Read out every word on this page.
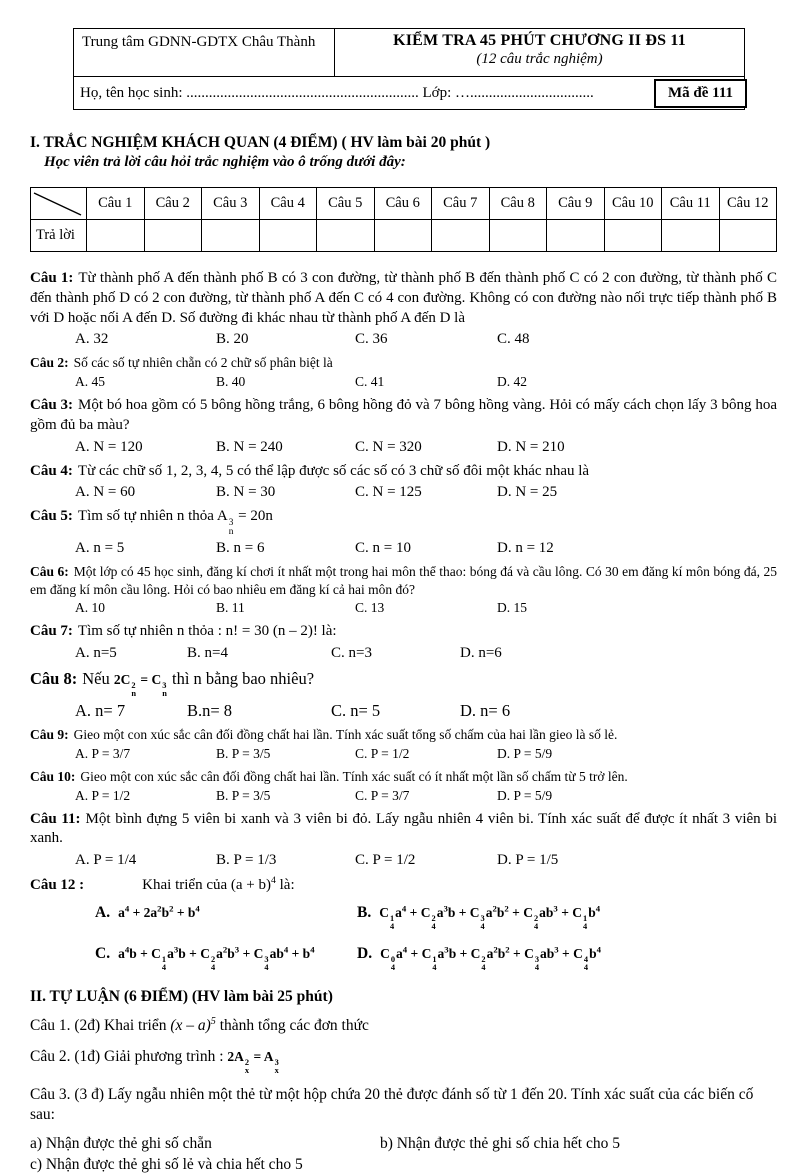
Trung tâm GDNN-GDTX Châu Thành	KIỂM TRA 45 PHÚT CHƯƠNG II ĐS 11
(12 câu trắc nghiệm)
Họ, tên học sinh: .............................................................. Lớp: ….................................	Mã đề 111
I. TRẮC NGHIỆM KHÁCH QUAN (4 ĐIỂM) ( HV làm bài 20 phút )
Học viên trả lời câu hỏi trắc nghiệm vào ô trống dưới đây:
	Câu 1	Câu 2	Câu 3	Câu 4	Câu 5	Câu 6	Câu 7	Câu 8	Câu 9	Câu 10	Câu 11	Câu 12
Trả lời												

Câu 1: Từ thành phố A đến thành phố B có 3 con đường, từ thành phố B đến thành phố C có 2 con đường, từ thành phố C đến thành phố D có 2 con đường, từ thành phố A đến C có 4 con đường. Không có con đường nào nối trực tiếp thành phố B với D hoặc nối A đến D. Số đường đi khác nhau từ thành phố A đến D là

A. 32	B. 20	C. 36	C. 48

Câu 2: Số các số tự nhiên chẵn có 2 chữ số phân biệt là

A. 45	B. 40	C. 41	D. 42

Câu 3: Một bó hoa gồm có 5 bông hồng trắng, 6 bông hồng đỏ và 7 bông hồng vàng. Hỏi có mấy cách chọn lấy 3 bông hoa gồm đủ ba màu?

A. N = 120	B. N = 240	C. N = 320	D. N = 210

Câu 4: Từ các chữ số 1, 2, 3, 4, 5 có thể lập được số các số có 3 chữ số đôi một khác nhau là

A. N = 60	B. N = 30	C. N = 125	D. N = 25

Câu 5: Tìm số tự nhiên n thỏa A 3
n
= 20n

A. n = 5	B. n = 6	C. n = 10	D. n = 12

Câu 6: Một lớp có 45 học sinh, đăng kí chơi ít nhất một trong hai môn thể thao: bóng đá và cầu lông. Có 30 em đăng kí môn bóng đá, 25 em đăng kí môn cầu lông. Hỏi có bao nhiêu em đăng kí cả hai môn đó?

A. 10	B. 11	C. 13	D. 15

Câu 7: Tìm số tự nhiên n thỏa : n! = 30 (n – 2)! là:

A. n=5	B. n=4	C. n=3	D. n=6

Câu 8: Nếu 2C 2
n
= C 3
n
thì n bằng bao nhiêu?

A. n= 7	B.n= 8	C. n= 5	D. n= 6

Câu 9: Gieo một con xúc sắc cân đối đồng chất hai lần. Tính xác suất tổng số chấm của hai lần gieo là số lẻ.

A. P = 3/7	B. P = 3/5	C. P = 1/2	D. P = 5/9

Câu 10: Gieo một con xúc sắc cân đối đồng chất hai lần. Tính xác suất có ít nhất một lần số chấm từ 5 trở lên.

A. P = 1/2	B. P = 3/5	C. P = 3/7	D. P = 5/9

Câu 11: Một bình đựng 5 viên bi xanh và 3 viên bi đỏ. Lấy ngẫu nhiên 4 viên bi. Tính xác suất để được ít nhất 3 viên bi xanh.

A. P = 1/4	B. P = 1/3	C. P = 1/2	D. P = 1/5

Câu 12 :	Khai triển của $(a + b)^4$ là:

A. $a^4 + 2a^2b^2 + b^4$	B. C 1
4
$a^4 + C$ 2
4
$a^3b + C$ 3
4
$a^2b^2 + C$ 2
4
$ab^3 + C$ 1
4
$b^4$
C. $a^4b + C$ 1
4
$a^3b + C$ 2
4
$a^2b^3 + C$ 3
4
$ab^4 + b^4$	D. C 0
4
$a^4 + C$ 1
4
$a^3b + C$ 2
4
$a^2b^2 + C$ 3
4
$ab^3 + C$ 4
4
$b^4$
II. TỰ LUẬN (6 ĐIỂM) (HV làm bài 25 phút)

Câu 1. (2đ) Khai triển (x – a)$^5$ thành tổng các đơn thức

Câu 2. (1đ) Giải phương trình : 2A 2
x
= A 3
x

Câu 3. (3 đ) Lấy ngẫu nhiên một thẻ từ một hộp chứa 20 thẻ được đánh số từ 1 đến 20. Tính xác suất của các biến cố sau:

a) Nhận được thẻ ghi số chẵn	b) Nhận được thẻ ghi số chia hết cho 5

c) Nhận được thẻ ghi số lẻ và chia hết cho 5
